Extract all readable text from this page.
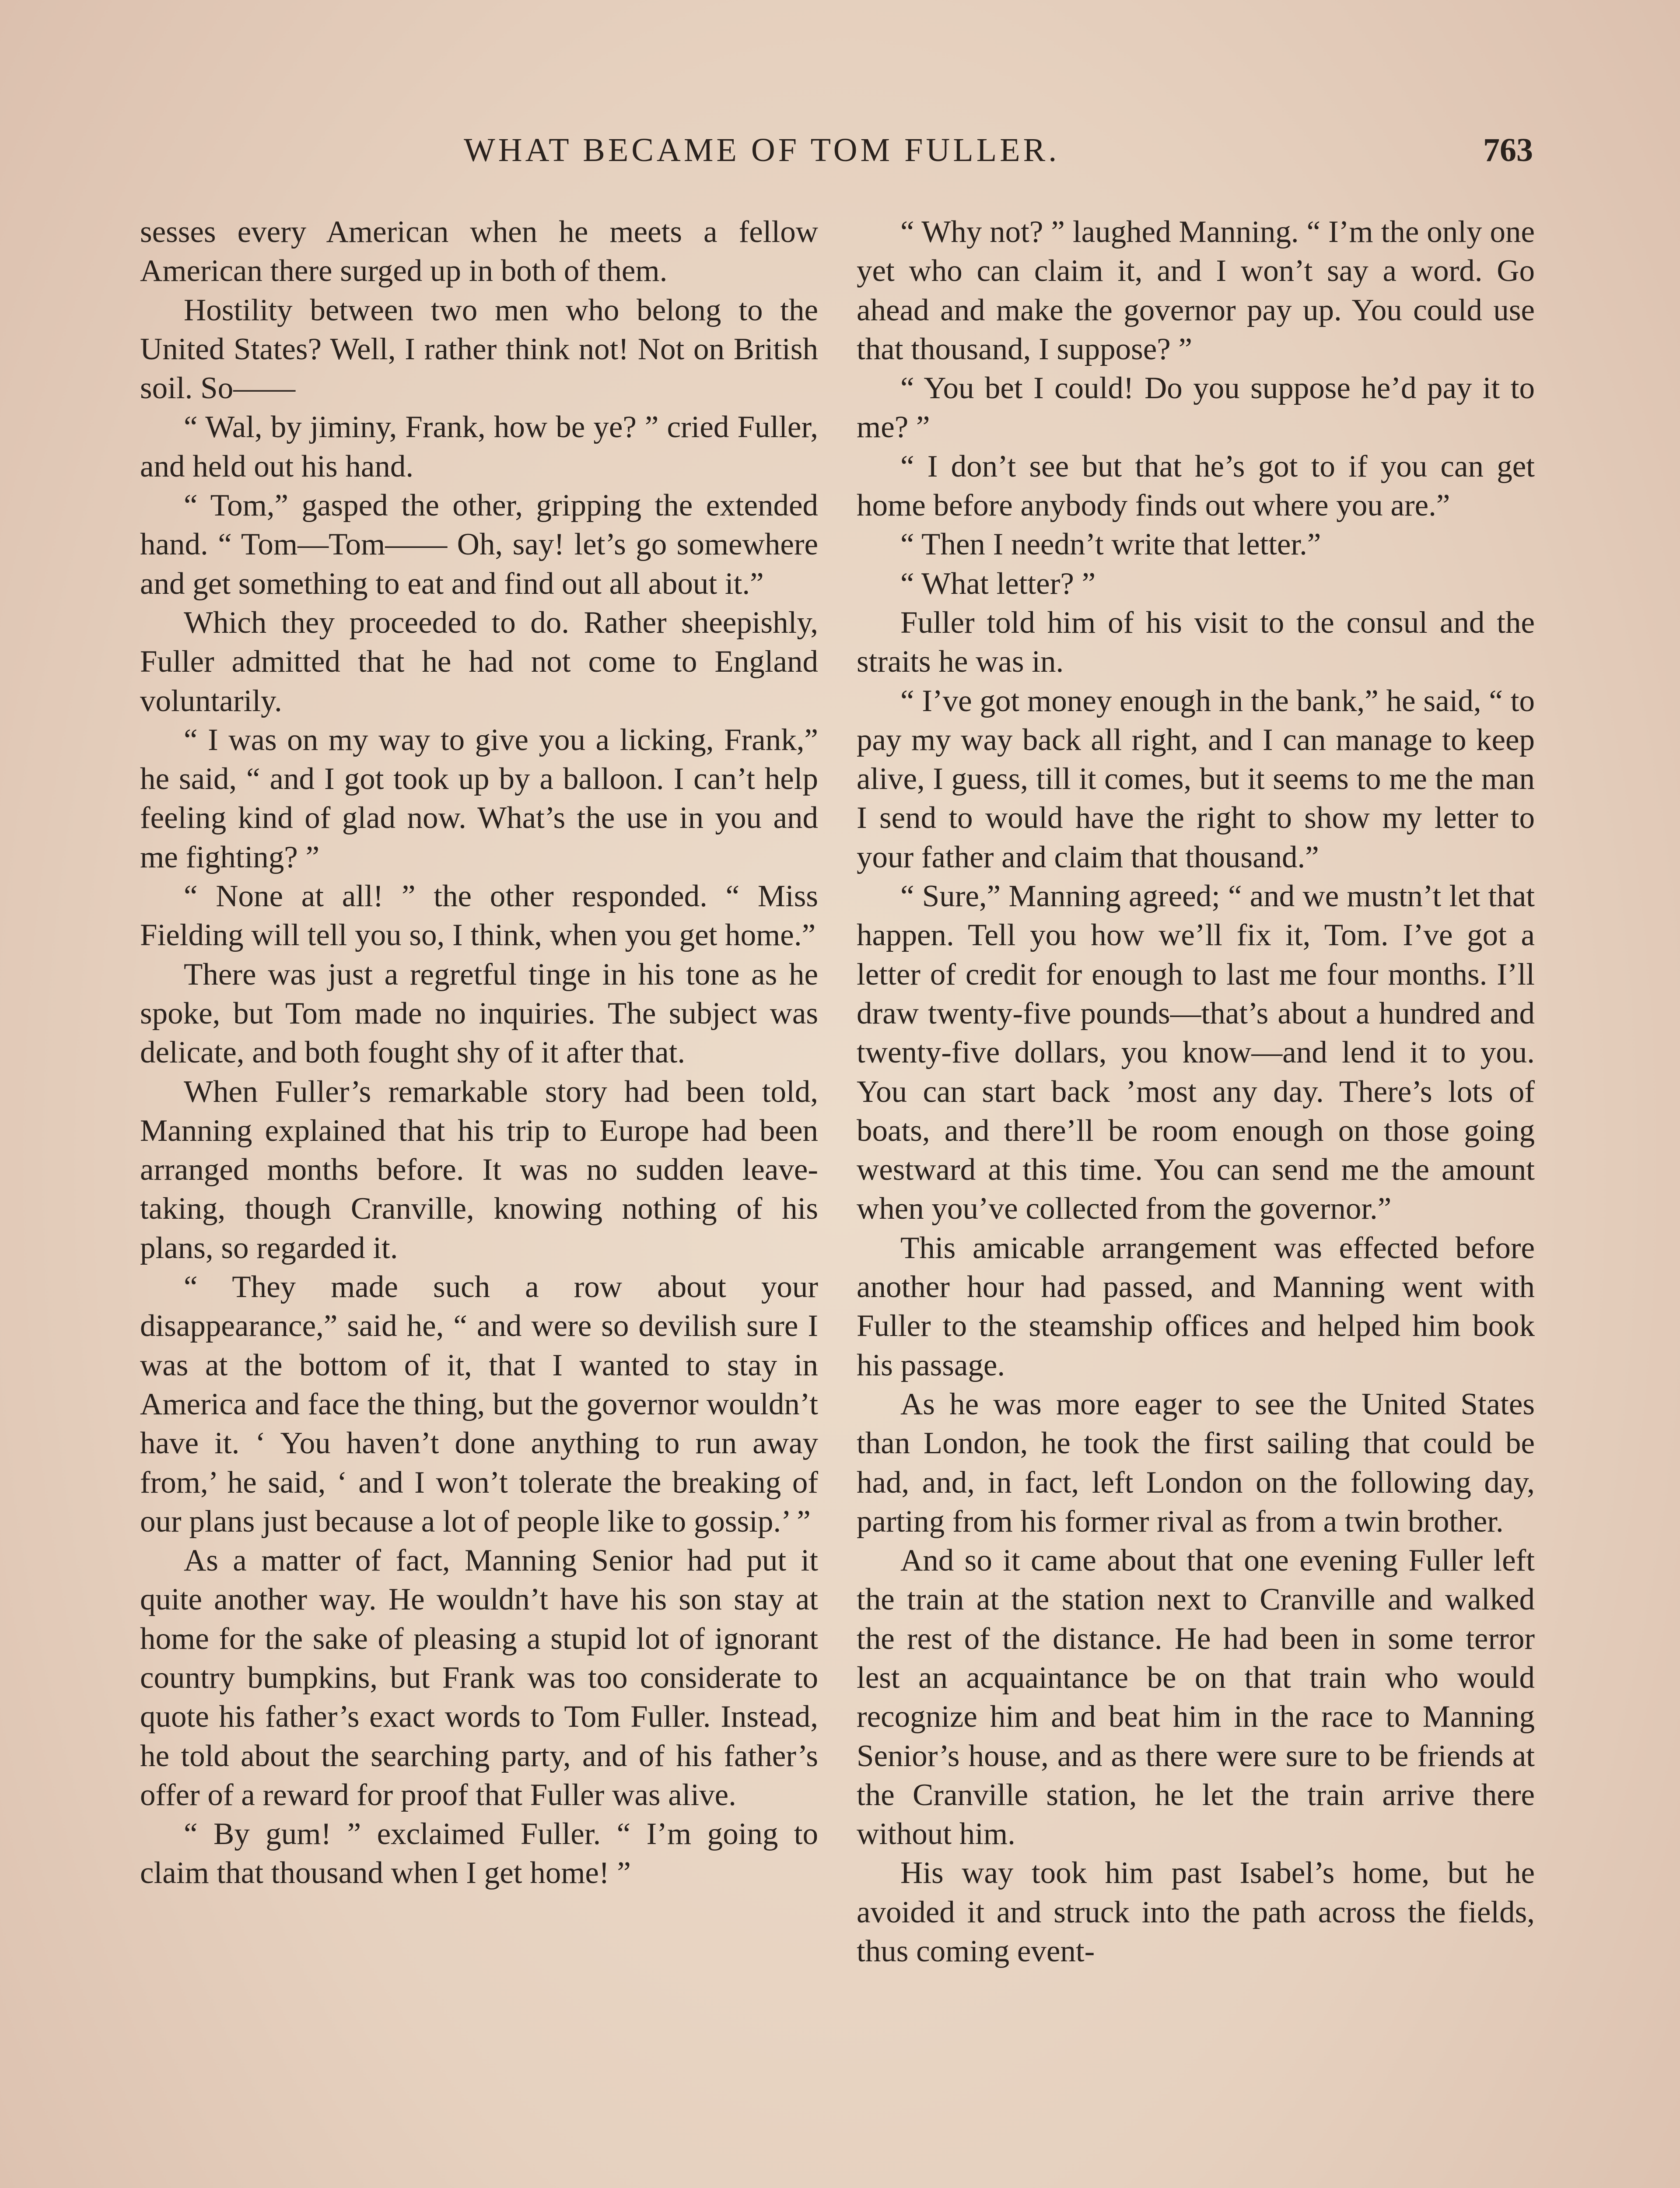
WHAT BECAME OF TOM FULLER.	763

sesses every American when he meets a fellow American there surged up in both of them.

Hostility between two men who belong to the United States? Well, I rather think not! Not on British soil. So——

“ Wal, by jiminy, Frank, how be ye? ” cried Fuller, and held out his hand.

“ Tom,” gasped the other, gripping the extended hand. “ Tom—Tom—— Oh, say! let’s go somewhere and get something to eat and find out all about it.”

Which they proceeded to do. Rather sheepishly, Fuller admitted that he had not come to England voluntarily.

“ I was on my way to give you a licking, Frank,” he said, “ and I got took up by a balloon. I can’t help feeling kind of glad now. What’s the use in you and me fighting? ”

“ None at all! ” the other responded. “ Miss Fielding will tell you so, I think, when you get home.”

There was just a regretful tinge in his tone as he spoke, but Tom made no inquiries. The subject was delicate, and both fought shy of it after that.

When Fuller’s remarkable story had been told, Manning explained that his trip to Europe had been arranged months before. It was no sudden leave-taking, though Cranville, knowing nothing of his plans, so regarded it.

“ They made such a row about your disappearance,” said he, “ and were so devilish sure I was at the bottom of it, that I wanted to stay in America and face the thing, but the governor wouldn’t have it. ‘ You haven’t done anything to run away from,’ he said, ‘ and I won’t tolerate the breaking of our plans just because a lot of people like to gossip.’ ”

As a matter of fact, Manning Senior had put it quite another way. He wouldn’t have his son stay at home for the sake of pleasing a stupid lot of ignorant country bumpkins, but Frank was too considerate to quote his father’s exact words to Tom Fuller. Instead, he told about the searching party, and of his father’s offer of a reward for proof that Fuller was alive.

“ By gum! ” exclaimed Fuller. “ I’m going to claim that thousand when I get home! ”

“ Why not? ” laughed Manning. “ I’m the only one yet who can claim it, and I won’t say a word. Go ahead and make the governor pay up. You could use that thousand, I suppose? ”

“ You bet I could! Do you suppose he’d pay it to me? ”

“ I don’t see but that he’s got to if you can get home before anybody finds out where you are.”

“ Then I needn’t write that letter.”

“ What letter? ”

Fuller told him of his visit to the consul and the straits he was in.

“ I’ve got money enough in the bank,” he said, “ to pay my way back all right, and I can manage to keep alive, I guess, till it comes, but it seems to me the man I send to would have the right to show my letter to your father and claim that thousand.”

“ Sure,” Manning agreed; “ and we mustn’t let that happen. Tell you how we’ll fix it, Tom. I’ve got a letter of credit for enough to last me four months. I’ll draw twenty-five pounds—that’s about a hundred and twenty-five dollars, you know—and lend it to you. You can start back ’most any day. There’s lots of boats, and there’ll be room enough on those going westward at this time. You can send me the amount when you’ve collected from the governor.”

This amicable arrangement was effected before another hour had passed, and Manning went with Fuller to the steamship offices and helped him book his passage.

As he was more eager to see the United States than London, he took the first sailing that could be had, and, in fact, left London on the following day, parting from his former rival as from a twin brother.

And so it came about that one evening Fuller left the train at the station next to Cranville and walked the rest of the distance. He had been in some terror lest an acquaintance be on that train who would recognize him and beat him in the race to Manning Senior’s house, and as there were sure to be friends at the Cranville station, he let the train arrive there without him.

His way took him past Isabel’s home, but he avoided it and struck into the path across the fields, thus coming event-
